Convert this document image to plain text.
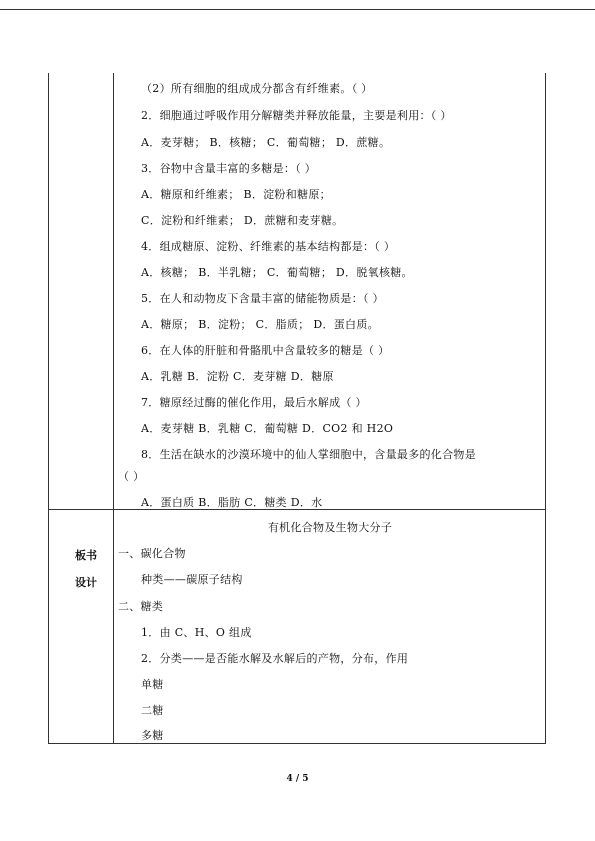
（2）所有细胞的组成成分都含有纤维素。（ ）
2．细胞通过呼吸作用分解糖类并释放能量，主要是利用：（ ）
A．麦芽糖； B．核糖； C．葡萄糖； D．蔗糖。
3．谷物中含量丰富的多糖是：（ ）
A．糖原和纤维素； B．淀粉和糖原；
C．淀粉和纤维素； D．蔗糖和麦芽糖。
4．组成糖原、淀粉、纤维素的基本结构都是：（ ）
A．核糖； B．半乳糖； C．葡萄糖； D．脱氧核糖。
5．在人和动物皮下含量丰富的储能物质是：（ ）
A．糖原； B．淀粉； C．脂质； D．蛋白质。
6．在人体的肝脏和骨骼肌中含量较多的糖是（ ）
A．乳糖 B．淀粉 C．麦芽糖 D．糖原
7．糖原经过酶的催化作用，最后水解成（ ）
A．麦芽糖 B．乳糖 C．葡萄糖 D．CO2 和 H2O
8．生活在缺水的沙漠环境中的仙人掌细胞中，含量最多的化合物是
（ ）
A．蛋白质 B．脂肪 C．糖类 D．水
板书
设计
有机化合物及生物大分子
一、碳化合物
种类——碳原子结构
二、糖类
1．由 C、H、O 组成
2．分类——是否能水解及水解后的产物，分布，作用
单糖
二糖
多糖
4 / 5
